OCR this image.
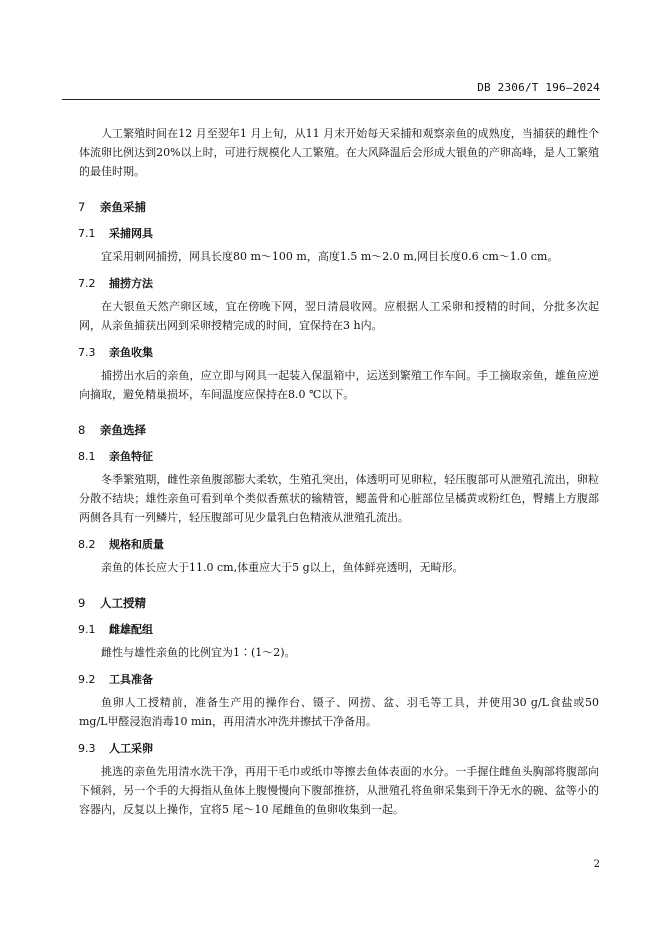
DB 2306/T 196—2024

人工繁殖时间在12 月至翌年1 月上旬，从11 月末开始每天采捕和观察亲鱼的成熟度，当捕获的雌性个体流卵比例达到20%以上时，可进行规模化人工繁殖。在大风降温后会形成大银鱼的产卵高峰，是人工繁殖的最佳时期。

7 亲鱼采捕
7.1 采捕网具

宜采用刺网捕捞，网具长度80 m～100 m，高度1.5 m～2.0 m,网目长度0.6 cm～1.0 cm。

7.2 捕捞方法

在大银鱼天然产卵区域，宜在傍晚下网，翌日清晨收网。应根据人工采卵和授精的时间，分批多次起网，从亲鱼捕获出网到采卵授精完成的时间，宜保持在3 h内。

7.3 亲鱼收集

捕捞出水后的亲鱼，应立即与网具一起装入保温箱中，运送到繁殖工作车间。手工摘取亲鱼，雄鱼应逆向摘取，避免精巢损坏，车间温度应保持在8.0 ℃以下。

8 亲鱼选择
8.1 亲鱼特征

冬季繁殖期，雌性亲鱼腹部膨大柔软，生殖孔突出，体透明可见卵粒，轻压腹部可从泄殖孔流出，卵粒分散不结块；雄性亲鱼可看到单个类似香蕉状的输精管，鳃盖骨和心脏部位呈橘黄或粉红色，臀鳍上方腹部两侧各具有一列鳞片，轻压腹部可见少量乳白色精液从泄殖孔流出。

8.2 规格和质量

亲鱼的体长应大于11.0 cm,体重应大于5 g以上，鱼体鲜亮透明，无畸形。

9 人工授精
9.1 雌雄配组

雌性与雄性亲鱼的比例宜为1∶(1～2)。

9.2 工具准备

鱼卵人工授精前，准备生产用的操作台、镊子、网捞、盆、羽毛等工具，并使用30 g/L食盐或50 mg/L甲醛浸泡消毒10 min，再用清水冲洗并擦拭干净备用。

9.3 人工采卵

挑选的亲鱼先用清水洗干净，再用干毛巾或纸巾等擦去鱼体表面的水分。一手握住雌鱼头胸部将腹部向下倾斜，另一个手的大拇指从鱼体上腹慢慢向下腹部推挤，从泄殖孔将鱼卵采集到干净无水的碗、盆等小的容器内，反复以上操作，宜将5 尾～10 尾雌鱼的鱼卵收集到一起。

2
